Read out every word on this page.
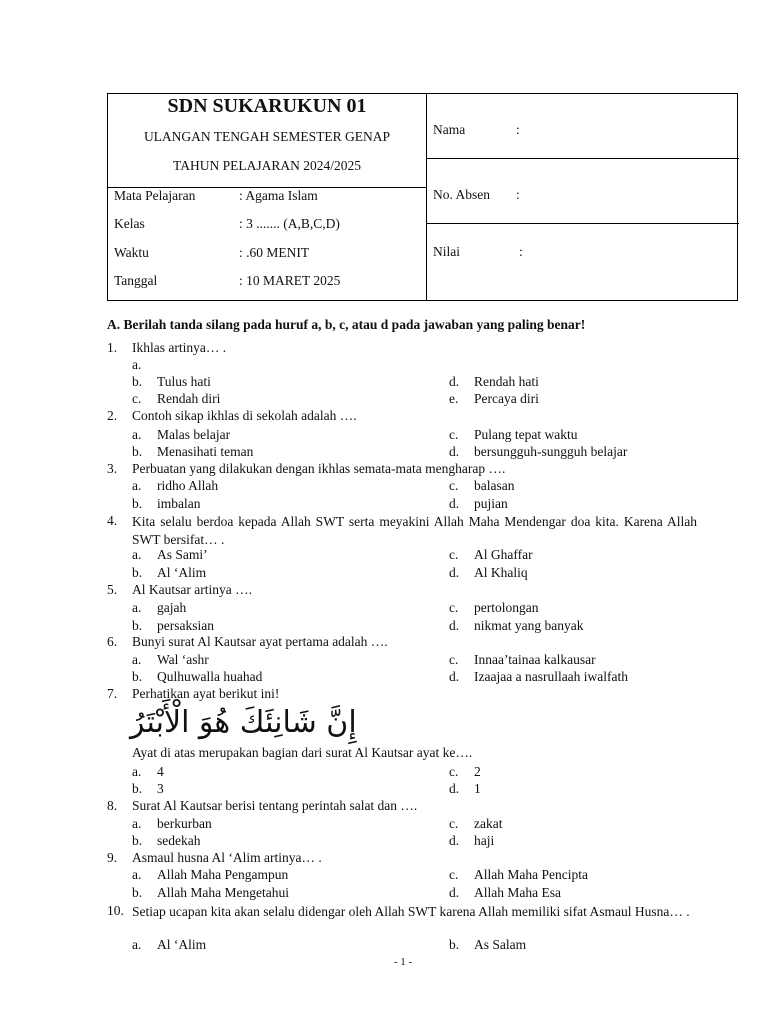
SDN SUKARUKUN 01
ULANGAN TENGAH SEMESTER GENAP
TAHUN PELAJARAN 2024/2025
Mata Pelajaran	: Agama Islam
Kelas	: 3 ....... (A,B,C,D)
Waktu	: .60 MENIT
Tanggal	: 10 MARET 2025
Nama	:
No. Absen :
Nilai	:
A. Berilah tanda silang pada huruf a, b, c, atau d pada jawaban yang paling benar!
1. Ikhlas artinya… .
a.
b. Tulus hati
c. Rendah diri
d. Rendah hati
e. Percaya diri
2. Contoh sikap ikhlas di sekolah adalah ….
a. Malas belajar
b. Menasihati teman
c. Pulang tepat waktu
d. bersungguh-sungguh belajar
3. Perbuatan yang dilakukan dengan ikhlas semata-mata mengharap ….
a. ridho Allah
b. imbalan
c. balasan
d. pujian
4. Kita selalu berdoa kepada Allah SWT serta meyakini Allah Maha Mendengar doa kita. Karena Allah SWT bersifat… .
a. As Sami’
b. Al ‘Alim
c. Al Ghaffar
d. Al Khaliq
5. Al Kautsar artinya ….
a. gajah
b. persaksian
c. pertolongan
d. nikmat yang banyak
6. Bunyi surat Al Kautsar ayat pertama adalah ….
a. Wal ‘ashr
b. Qulhuwalla huahad
c. Innaa’tainaa kalkausar
d. Izaajaa a nasrullaah iwalfath
7. Perhatikan ayat berikut ini!
إِنَّ شَانِئَكَ هُوَ الْأَبْتَرُ
Ayat di atas merupakan bagian dari surat Al Kautsar ayat ke….
a. 4
b. 3
c. 2
d. 1
8. Surat Al Kautsar berisi tentang perintah salat dan ….
a. berkurban
b. sedekah
c. zakat
d. haji
9. Asmaul husna Al ‘Alim artinya… .
a. Allah Maha Pengampun
b. Allah Maha Mengetahui
c. Allah Maha Pencipta
d. Allah Maha Esa
10. Setiap ucapan kita akan selalu didengar oleh Allah SWT karena Allah memiliki sifat Asmaul Husna… .
a. Al ‘Alim	b. As Salam
- 1 -
